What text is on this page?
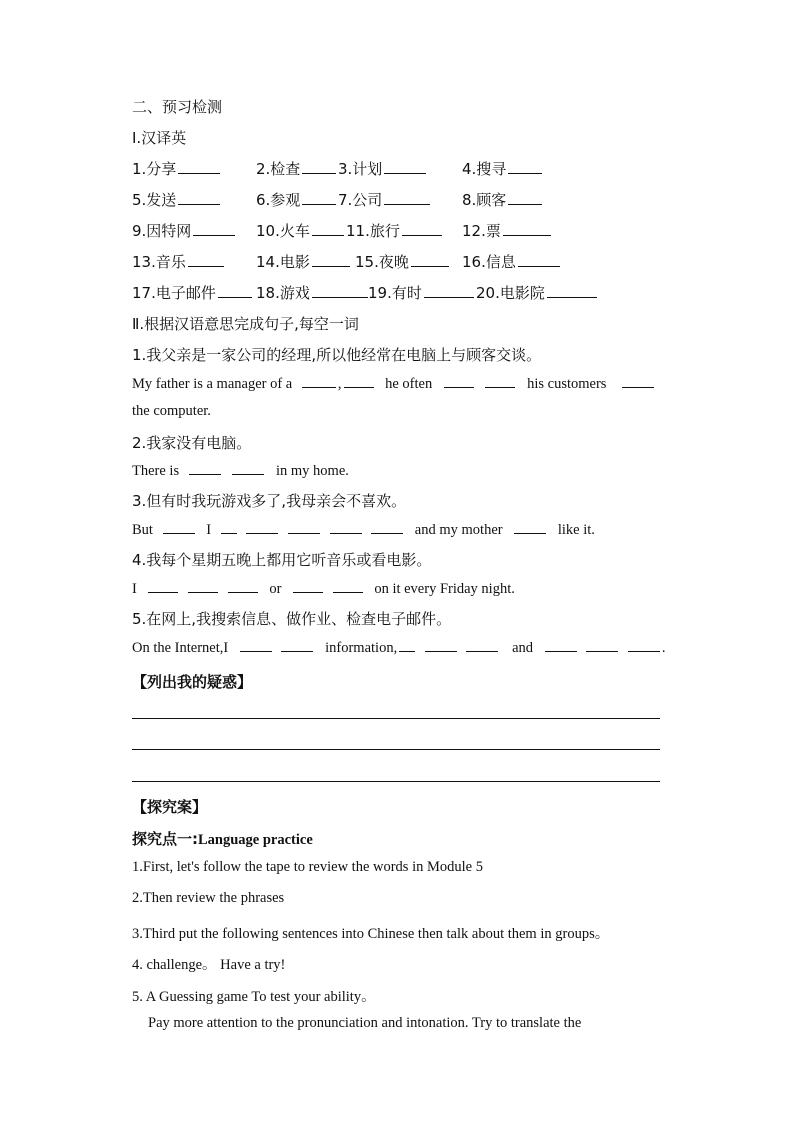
二、预习检测
Ⅰ.汉译英
1.分享	2.检查	3.计划	4.搜寻
5.发送	6.参观	7.公司	8.顾客
9.因特网	10.火车	11.旅行	12.票
13.音乐	14.电影	15.夜晚	16.信息
17.电子邮件	18.游戏	19.有时	20.电影院
Ⅱ.根据汉语意思完成句子,每空一词
1.我父亲是一家公司的经理,所以他经常在电脑上与顾客交谈。
My father is a manager of a	,	he often	his customers
the computer.
2.我家没有电脑。
There is	in my home.
3.但有时我玩游戏多了,我母亲会不喜欢。
But	I	and my mother	like it.
4.我每个星期五晚上都用它听音乐或看电影。
I	or	on it every Friday night.
5.在网上,我搜索信息、做作业、检查电子邮件。
On the Internet,I	information,	and	.
【列出我的疑惑】
【探究案】
探究点一:Language practice
1.First, let's follow the tape to review the words in Module 5
2.Then review the phrases
3.Third put the following sentences into Chinese then talk about them in groups。
4. challenge。 Have a try!
5. A Guessing game To test your ability。
Pay more attention to the pronunciation and intonation. Try to translate the
